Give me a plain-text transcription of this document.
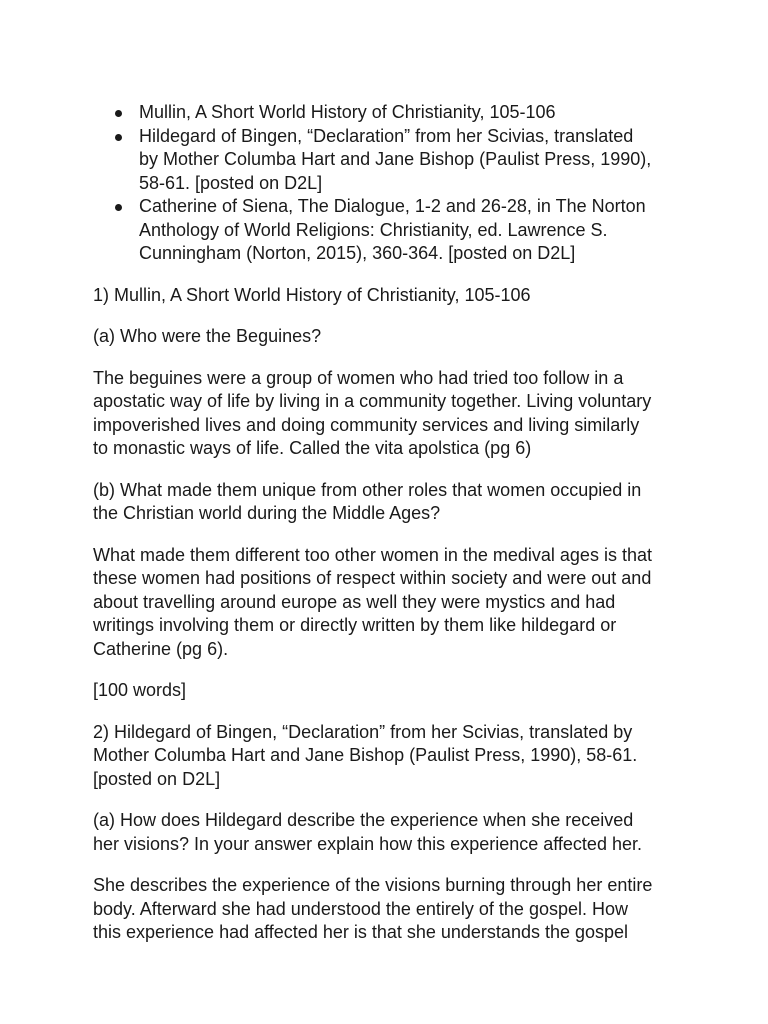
Mullin, A Short World History of Christianity, 105-106
Hildegard of Bingen, “Declaration” from her Scivias, translated
by Mother Columba Hart and Jane Bishop (Paulist Press, 1990),
58-61. [posted on D2L]
Catherine of Siena, The Dialogue, 1-2 and 26-28, in The Norton
Anthology of World Religions: Christianity, ed. Lawrence S.
Cunningham (Norton, 2015), 360-364. [posted on D2L]

1) Mullin, A Short World History of Christianity, 105-106

(a) Who were the Beguines?

The beguines were a group of women who had tried too follow in a
apostatic way of life by living in a community together. Living voluntary
impoverished lives and doing community services and living similarly
to monastic ways of life. Called the vita apolstica (pg 6)

(b) What made them unique from other roles that women occupied in
the Christian world during the Middle Ages?

What made them different too other women in the medival ages is that
these women had positions of respect within society and were out and
about travelling around europe as well they were mystics and had
writings involving them or directly written by them like hildegard or
Catherine (pg 6).

[100 words]

2) Hildegard of Bingen, “Declaration” from her Scivias, translated by
Mother Columba Hart and Jane Bishop (Paulist Press, 1990), 58-61.
[posted on D2L]

(a) How does Hildegard describe the experience when she received
her visions? In your answer explain how this experience affected her.

She describes the experience of the visions burning through her entire
body. Afterward she had understood the entirely of the gospel. How
this experience had affected her is that she understands the gospel
